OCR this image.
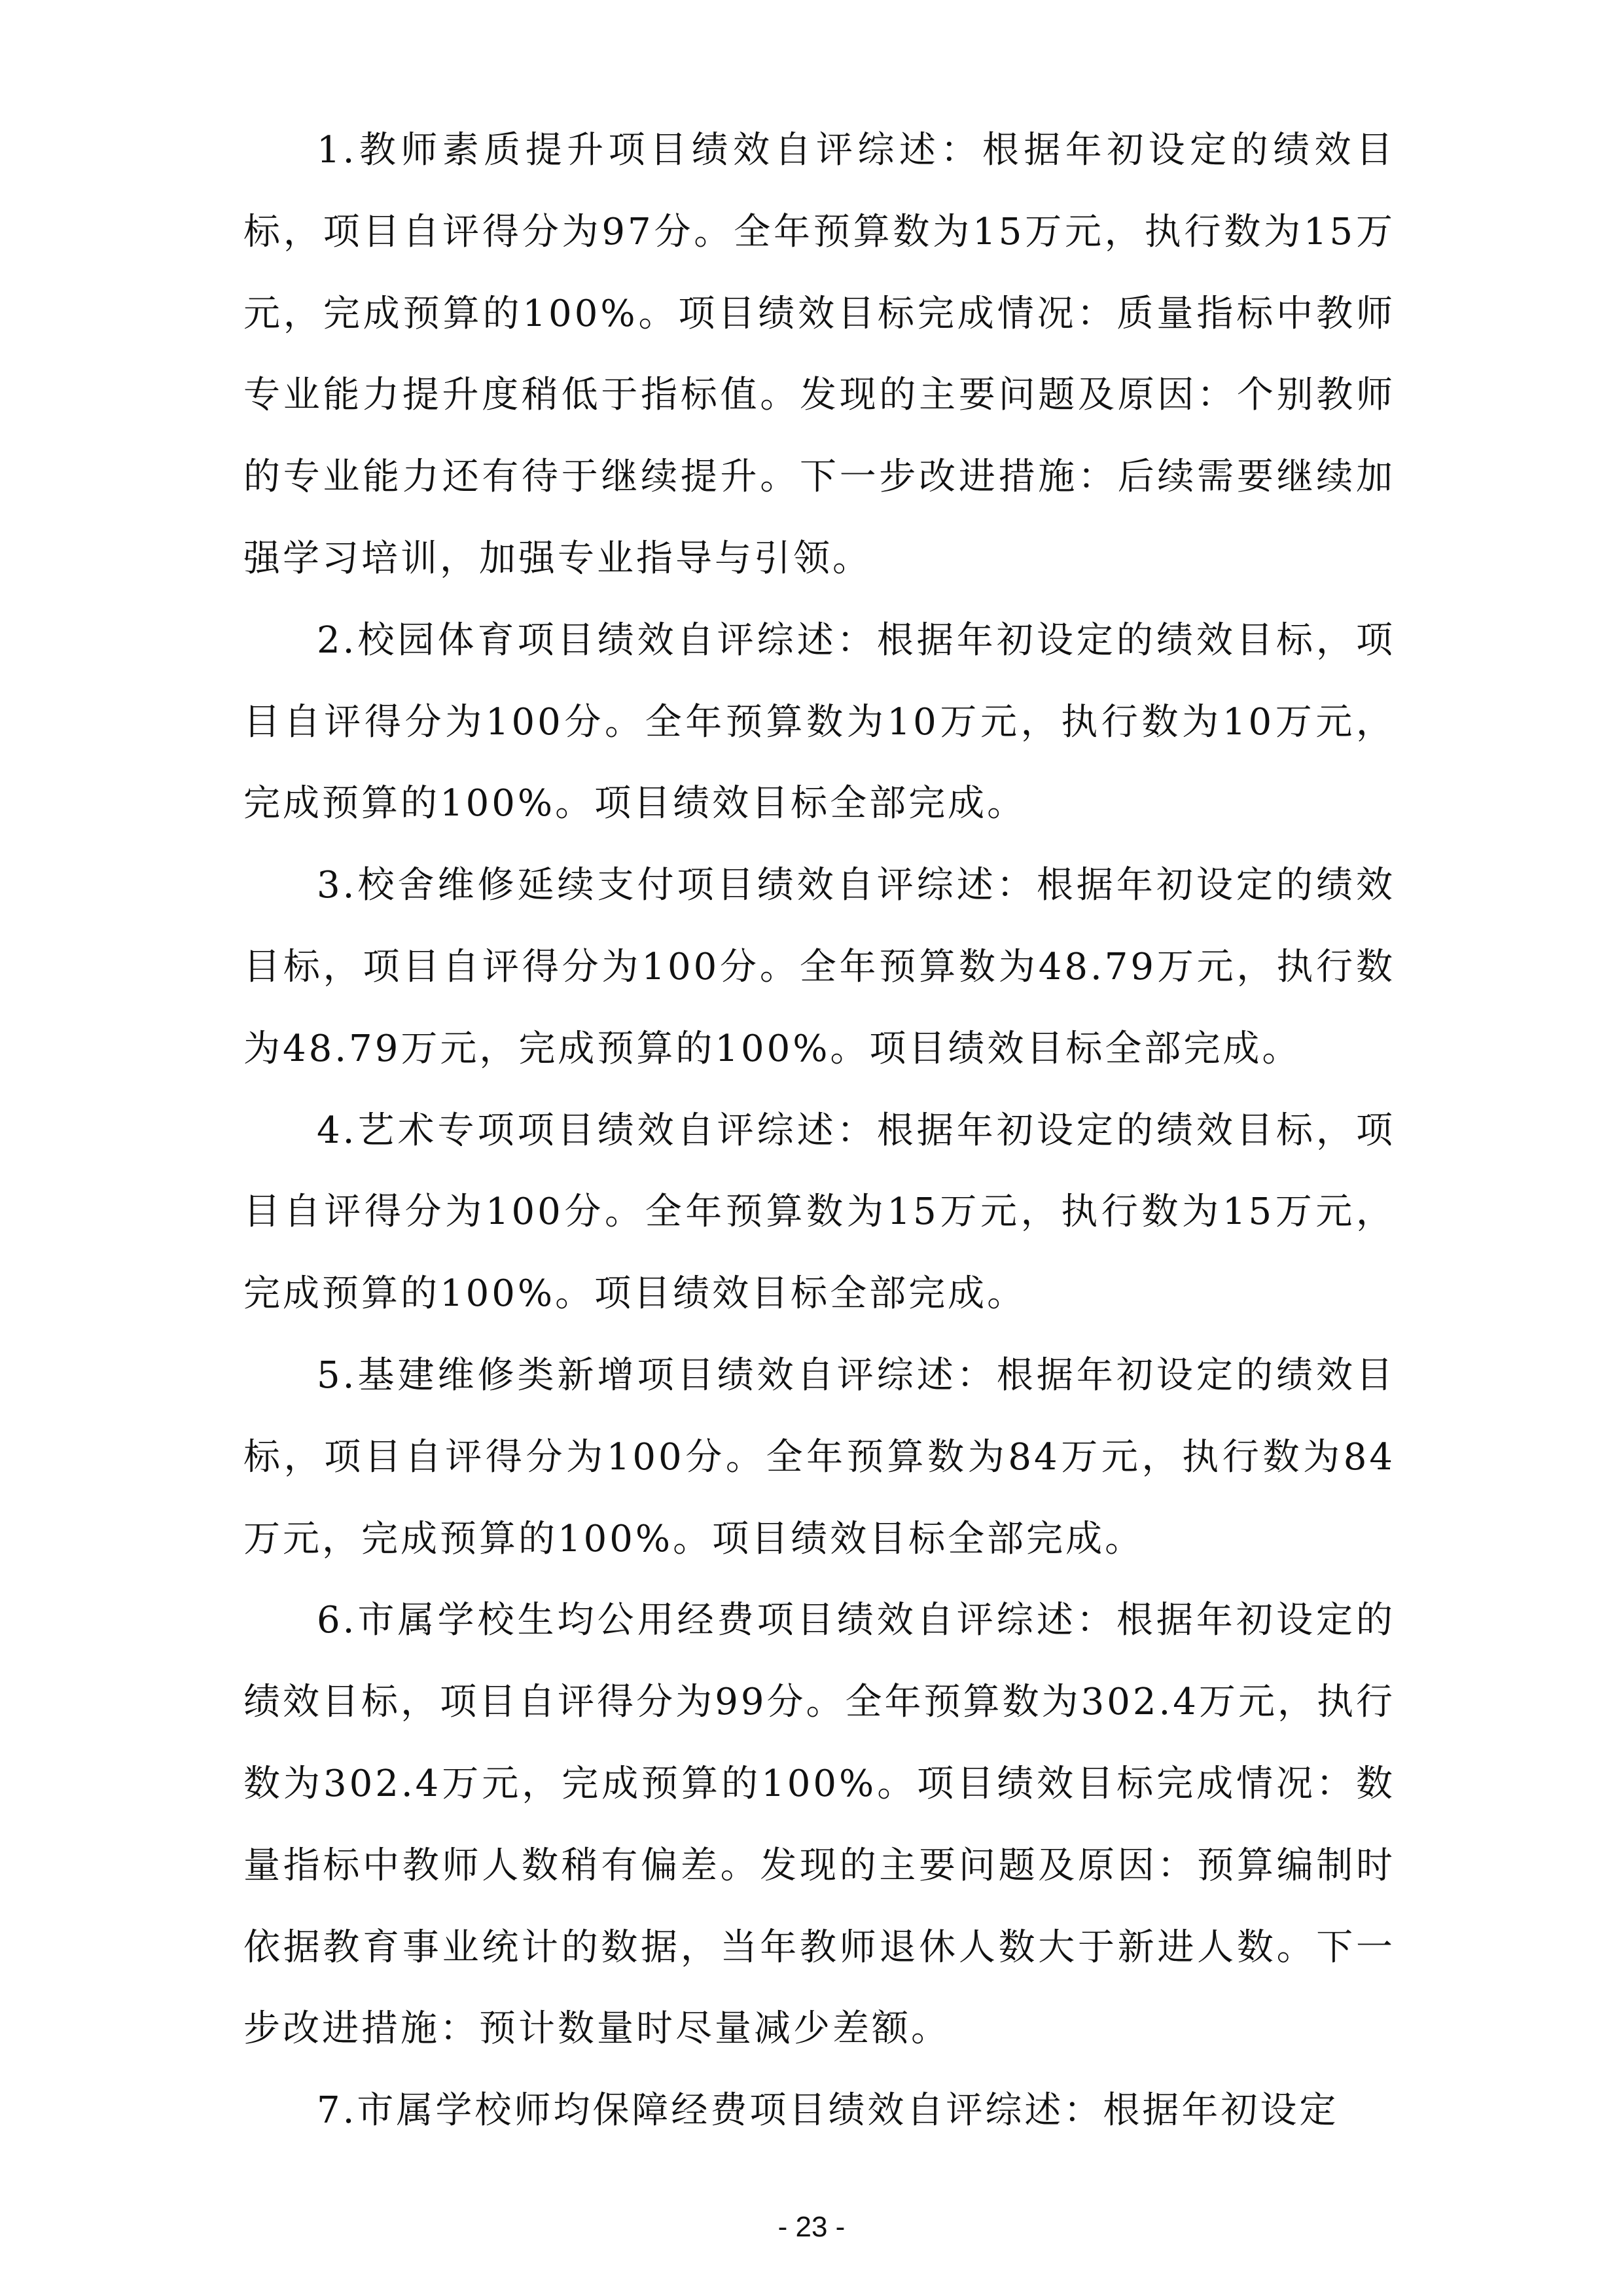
1.教师素质提升项目绩效自评综述：根据年初设定的绩效目标，项目自评得分为97分。全年预算数为15万元，执行数为15万元，完成预算的100%。项目绩效目标完成情况：质量指标中教师专业能力提升度稍低于指标值。发现的主要问题及原因：个别教师的专业能力还有待于继续提升。下一步改进措施：后续需要继续加强学习培训，加强专业指导与引领。

2.校园体育项目绩效自评综述：根据年初设定的绩效目标，项目自评得分为100分。全年预算数为10万元，执行数为10万元，完成预算的100%。项目绩效目标全部完成。

3.校舍维修延续支付项目绩效自评综述：根据年初设定的绩效目标，项目自评得分为100分。全年预算数为48.79万元，执行数为48.79万元，完成预算的100%。项目绩效目标全部完成。

4.艺术专项项目绩效自评综述：根据年初设定的绩效目标，项目自评得分为100分。全年预算数为15万元，执行数为15万元，完成预算的100%。项目绩效目标全部完成。

5.基建维修类新增项目绩效自评综述：根据年初设定的绩效目标，项目自评得分为100分。全年预算数为84万元，执行数为84万元，完成预算的100%。项目绩效目标全部完成。

6.市属学校生均公用经费项目绩效自评综述：根据年初设定的绩效目标，项目自评得分为99分。全年预算数为302.4万元，执行数为302.4万元，完成预算的100%。项目绩效目标完成情况：数量指标中教师人数稍有偏差。发现的主要问题及原因：预算编制时依据教育事业统计的数据，当年教师退休人数大于新进人数。下一步改进措施：预计数量时尽量减少差额。

7.市属学校师均保障经费项目绩效自评综述：根据年初设定

- 23 -
